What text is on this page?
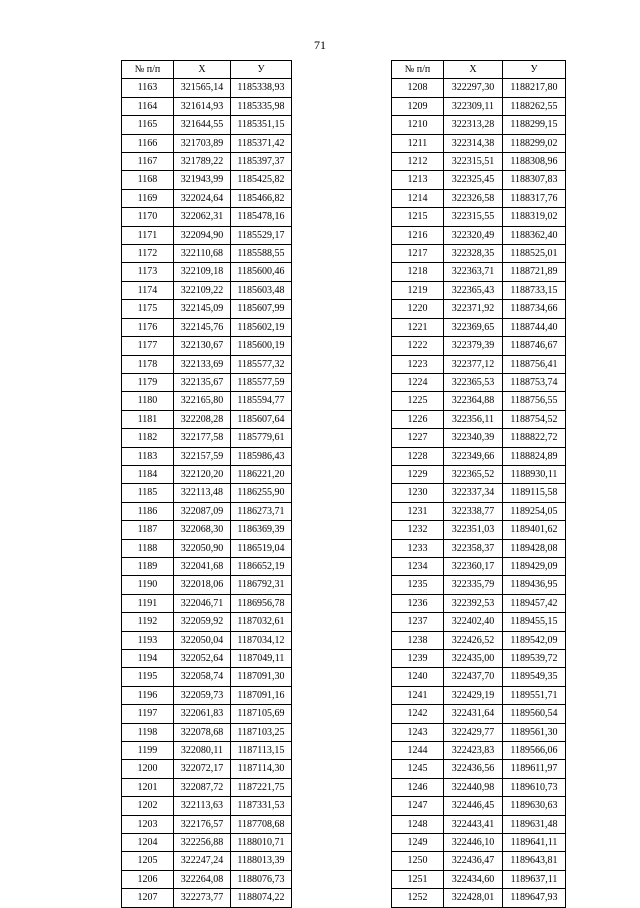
71
№ п/п	Х	У
1163	321565,14	1185338,93
1164	321614,93	1185335,98
1165	321644,55	1185351,15
1166	321703,89	1185371,42
1167	321789,22	1185397,37
1168	321943,99	1185425,82
1169	322024,64	1185466,82
1170	322062,31	1185478,16
1171	322094,90	1185529,17
1172	322110,68	1185588,55
1173	322109,18	1185600,46
1174	322109,22	1185603,48
1175	322145,09	1185607,99
1176	322145,76	1185602,19
1177	322130,67	1185600,19
1178	322133,69	1185577,32
1179	322135,67	1185577,59
1180	322165,80	1185594,77
1181	322208,28	1185607,64
1182	322177,58	1185779,61
1183	322157,59	1185986,43
1184	322120,20	1186221,20
1185	322113,48	1186255,90
1186	322087,09	1186273,71
1187	322068,30	1186369,39
1188	322050,90	1186519,04
1189	322041,68	1186652,19
1190	322018,06	1186792,31
1191	322046,71	1186956,78
1192	322059,92	1187032,61
1193	322050,04	1187034,12
1194	322052,64	1187049,11
1195	322058,74	1187091,30
1196	322059,73	1187091,16
1197	322061,83	1187105,69
1198	322078,68	1187103,25
1199	322080,11	1187113,15
1200	322072,17	1187114,30
1201	322087,72	1187221,75
1202	322113,63	1187331,53
1203	322176,57	1187708,68
1204	322256,88	1188010,71
1205	322247,24	1188013,39
1206	322264,08	1188076,73
1207	322273,77	1188074,22
№ п/п	Х	У
1208	322297,30	1188217,80
1209	322309,11	1188262,55
1210	322313,28	1188299,15
1211	322314,38	1188299,02
1212	322315,51	1188308,96
1213	322325,45	1188307,83
1214	322326,58	1188317,76
1215	322315,55	1188319,02
1216	322320,49	1188362,40
1217	322328,35	1188525,01
1218	322363,71	1188721,89
1219	322365,43	1188733,15
1220	322371,92	1188734,66
1221	322369,65	1188744,40
1222	322379,39	1188746,67
1223	322377,12	1188756,41
1224	322365,53	1188753,74
1225	322364,88	1188756,55
1226	322356,11	1188754,52
1227	322340,39	1188822,72
1228	322349,66	1188824,89
1229	322365,52	1188930,11
1230	322337,34	1189115,58
1231	322338,77	1189254,05
1232	322351,03	1189401,62
1233	322358,37	1189428,08
1234	322360,17	1189429,09
1235	322335,79	1189436,95
1236	322392,53	1189457,42
1237	322402,40	1189455,15
1238	322426,52	1189542,09
1239	322435,00	1189539,72
1240	322437,70	1189549,35
1241	322429,19	1189551,71
1242	322431,64	1189560,54
1243	322429,77	1189561,30
1244	322423,83	1189566,06
1245	322436,56	1189611,97
1246	322440,98	1189610,73
1247	322446,45	1189630,63
1248	322443,41	1189631,48
1249	322446,10	1189641,11
1250	322436,47	1189643,81
1251	322434,60	1189637,11
1252	322428,01	1189647,93
